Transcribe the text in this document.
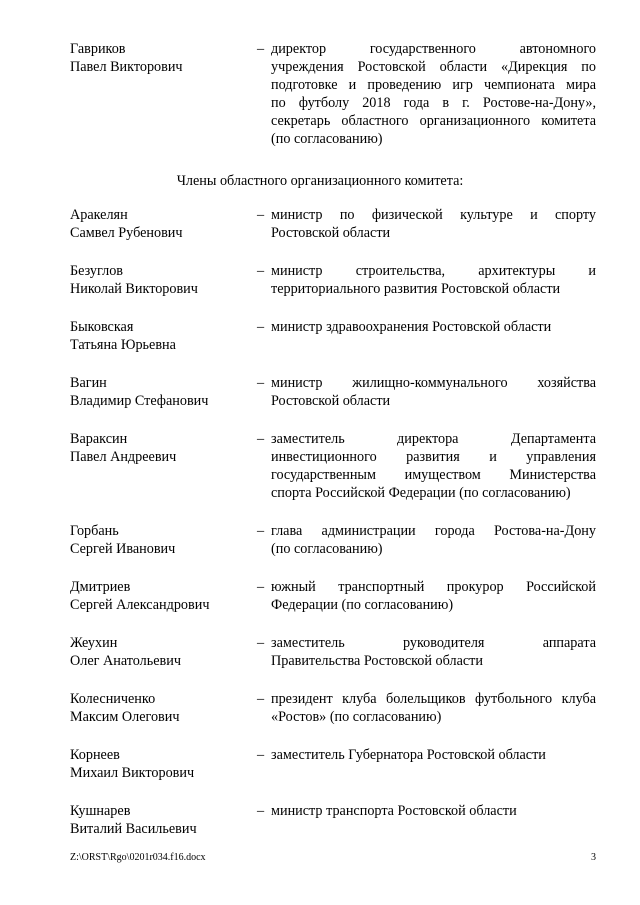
Гавриков
Павел Викторович
– директор государственного автономного
учреждения Ростовской области «Дирекция по
подготовке и проведению игр чемпионата мира
по футболу 2018 года в г. Ростове-на-Дону»,
секретарь областного организационного комитета
(по согласованию)
Аракелян
Самвел Рубенович
– министр по физической культуре и спорту
Ростовской области
Безуглов
Николай Викторович
– министр строительства, архитектуры и
территориального развития Ростовской области
Быковская
Татьяна Юрьевна
– министр здравоохранения Ростовской области
Вагин
Владимир Стефанович
– министр жилищно-коммунального хозяйства
Ростовской области
Вараксин
Павел Андреевич
– заместитель директора Департамента
инвестиционного развития и управления
государственным имуществом Министерства
спорта Российской Федерации (по согласованию)
Горбань
Сергей Иванович
– глава администрации города Ростова-на-Дону
(по согласованию)
Дмитриев
Сергей Александрович
– южный транспортный прокурор Российской
Федерации (по согласованию)
Жеухин
Олег Анатольевич
– заместитель руководителя аппарата
Правительства Ростовской области
Колесниченко
Максим Олегович
– президент клуба болельщиков футбольного клуба
«Ростов» (по согласованию)
Корнеев
Михаил Викторович
– заместитель Губернатора Ростовской области
Кушнарев
Виталий Васильевич
– министр транспорта Ростовской области
Члены областного организационного комитета:
Z:\ORST\Rgo\0201r034.f16.docx	3
